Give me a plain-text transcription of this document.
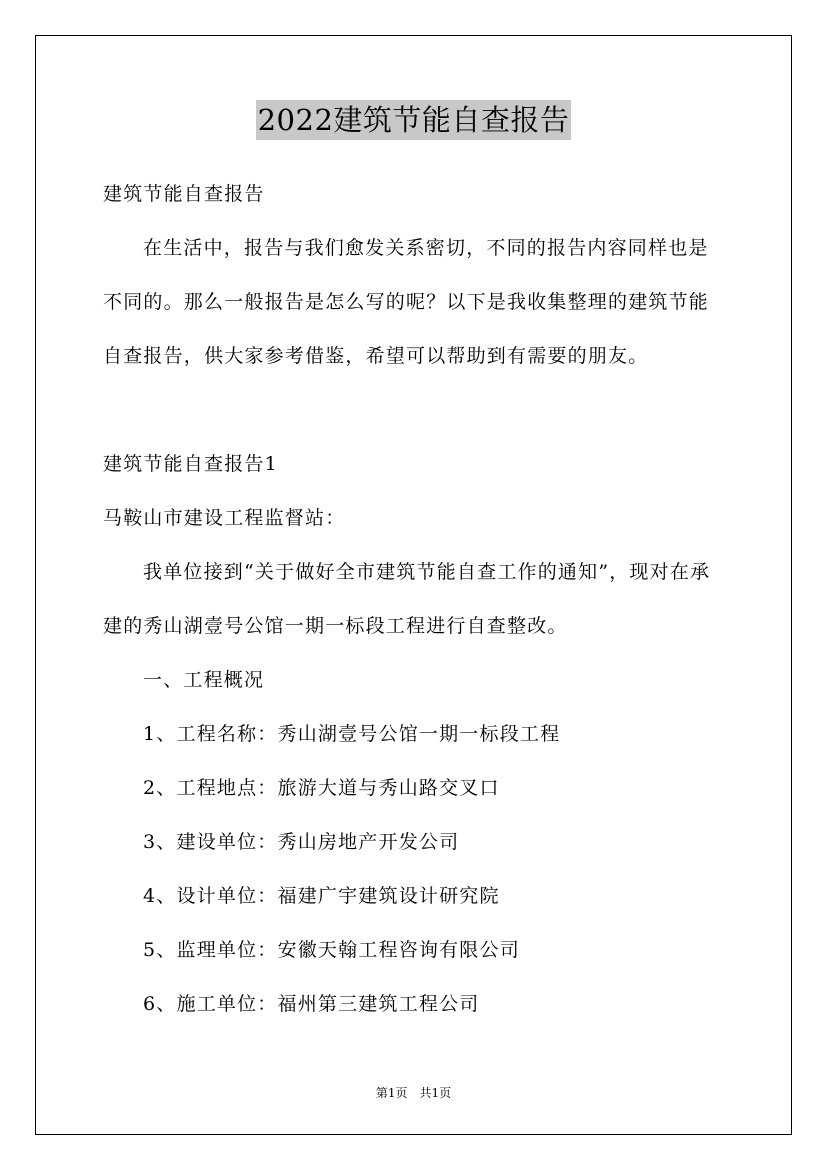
2022建筑节能自查报告
建筑节能自查报告
在生活中，报告与我们愈发关系密切，不同的报告内容同样也是
不同的。那么一般报告是怎么写的呢？以下是我收集整理的建筑节能
自查报告，供大家参考借鉴，希望可以帮助到有需要的朋友。
建筑节能自查报告1
马鞍山市建设工程监督站：
我单位接到“关于做好全市建筑节能自查工作的通知”，现对在承
建的秀山湖壹号公馆一期一标段工程进行自查整改。
一、工程概况
1、工程名称：秀山湖壹号公馆一期一标段工程
2、工程地点：旅游大道与秀山路交叉口
3、建设单位：秀山房地产开发公司
4、设计单位：福建广宇建筑设计研究院
5、监理单位：安徽天翰工程咨询有限公司
6、施工单位：福州第三建筑工程公司
第1页　共1页
